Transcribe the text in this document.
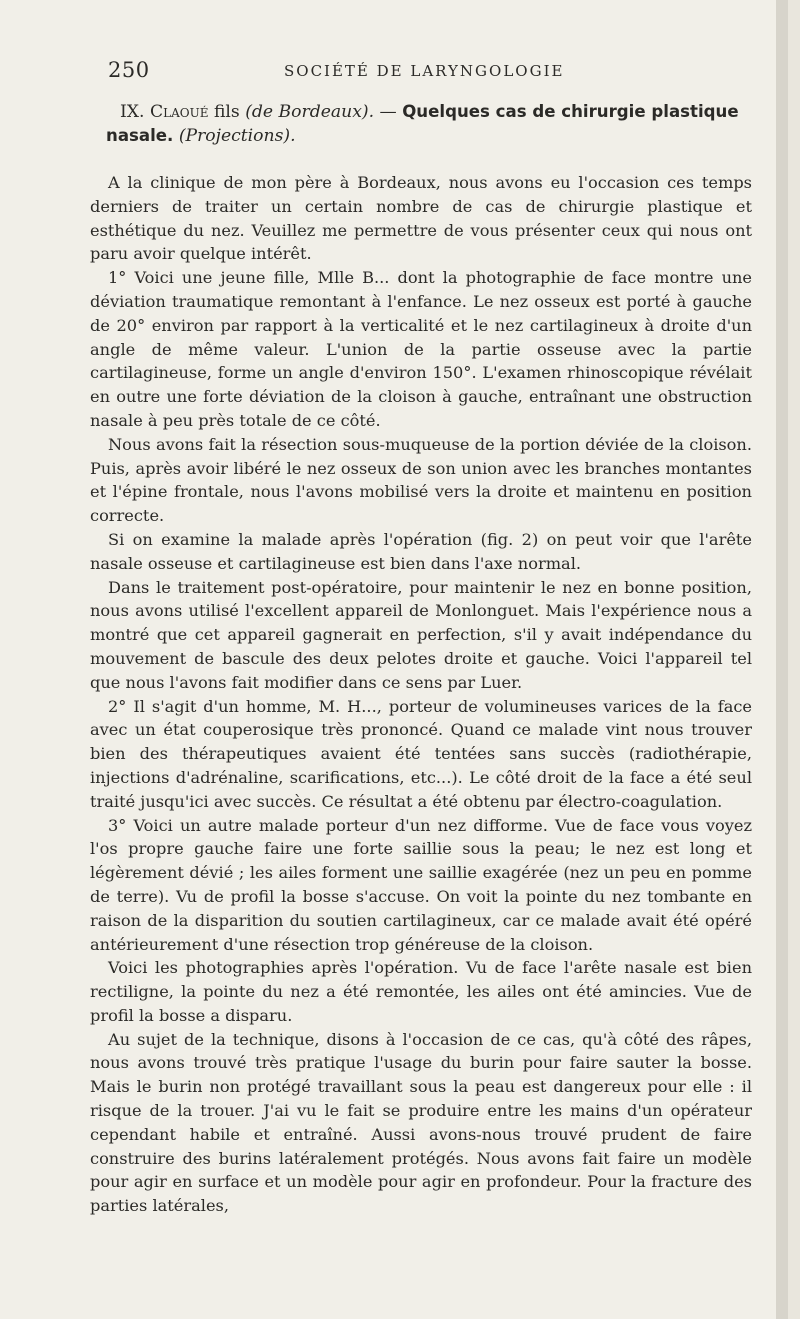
250	SOCIÉTÉ DE LARYNGOLOGIE
IX. Claoué fils (de Bordeaux). — Quelques cas de chirurgie plastique nasale. (Projections).

A la clinique de mon père à Bordeaux, nous avons eu l'occasion ces temps derniers de traiter un certain nombre de cas de chirurgie plastique et esthétique du nez. Veuillez me permettre de vous présenter ceux qui nous ont paru avoir quelque intérêt.

1° Voici une jeune fille, Mlle B... dont la photographie de face montre une déviation traumatique remontant à l'enfance. Le nez osseux est porté à gauche de 20° environ par rapport à la verticalité et le nez cartilagineux à droite d'un angle de même valeur. L'union de la partie osseuse avec la partie cartilagineuse, forme un angle d'environ 150°. L'examen rhinoscopique révélait en outre une forte déviation de la cloison à gauche, entraînant une obstruction nasale à peu près totale de ce côté.

Nous avons fait la résection sous-muqueuse de la portion déviée de la cloison. Puis, après avoir libéré le nez osseux de son union avec les branches montantes et l'épine frontale, nous l'avons mobilisé vers la droite et maintenu en position correcte.

Si on examine la malade après l'opération (fig. 2) on peut voir que l'arête nasale osseuse et cartilagineuse est bien dans l'axe normal.

Dans le traitement post-opératoire, pour maintenir le nez en bonne position, nous avons utilisé l'excellent appareil de Monlonguet. Mais l'expérience nous a montré que cet appareil gagnerait en perfection, s'il y avait indépendance du mouvement de bascule des deux pelotes droite et gauche. Voici l'appareil tel que nous l'avons fait modifier dans ce sens par Luer.

2° Il s'agit d'un homme, M. H..., porteur de volumineuses varices de la face avec un état couperosique très prononcé. Quand ce malade vint nous trouver bien des thérapeutiques avaient été tentées sans succès (radiothérapie, injections d'adrénaline, scarifications, etc...). Le côté droit de la face a été seul traité jusqu'ici avec succès. Ce résultat a été obtenu par électro-coagulation.

3° Voici un autre malade porteur d'un nez difforme. Vue de face vous voyez l'os propre gauche faire une forte saillie sous la peau; le nez est long et légèrement dévié ; les ailes forment une saillie exagérée (nez un peu en pomme de terre). Vu de profil la bosse s'accuse. On voit la pointe du nez tombante en raison de la disparition du soutien cartilagineux, car ce malade avait été opéré antérieurement d'une résection trop généreuse de la cloison.

Voici les photographies après l'opération. Vu de face l'arête nasale est bien rectiligne, la pointe du nez a été remontée, les ailes ont été amincies. Vue de profil la bosse a disparu.

Au sujet de la technique, disons à l'occasion de ce cas, qu'à côté des râpes, nous avons trouvé très pratique l'usage du burin pour faire sauter la bosse. Mais le burin non protégé travaillant sous la peau est dangereux pour elle : il risque de la trouer. J'ai vu le fait se produire entre les mains d'un opérateur cependant habile et entraîné. Aussi avons-nous trouvé prudent de faire construire des burins latéralement protégés. Nous avons fait faire un modèle pour agir en surface et un modèle pour agir en profondeur. Pour la fracture des parties latérales,
